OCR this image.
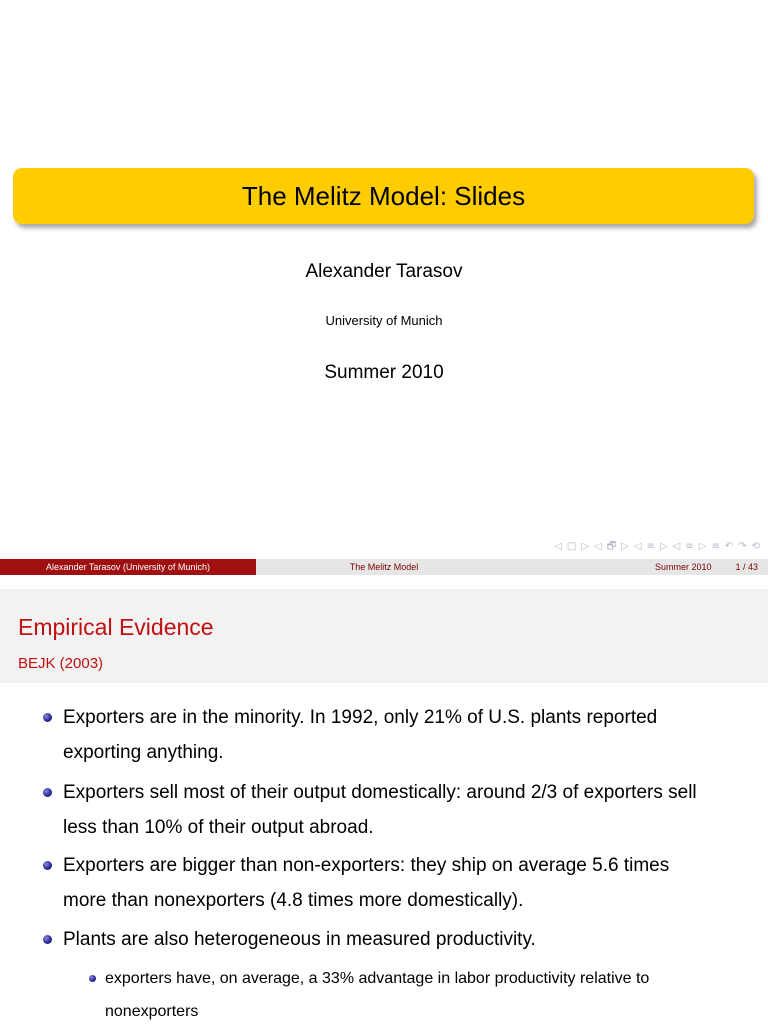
The Melitz Model: Slides
Alexander Tarasov
University of Munich
Summer 2010
◁ □ ▷ ◁ 🗗 ▷ ◁ ≡ ▷ ◁ ≡ ▷ ≡ ↶ ↷ ⟲
Alexander Tarasov (University of Munich)	The Melitz Model	Summer 2010	1 / 43
Empirical Evidence
BEJK (2003)
Exporters are in the minority. In 1992, only 21% of U.S. plants reported
exporting anything.
Exporters sell most of their output domestically: around 2/3 of exporters sell
less than 10% of their output abroad.
Exporters are bigger than non-exporters: they ship on average 5.6 times
more than nonexporters (4.8 times more domestically).
Plants are also heterogeneous in measured productivity.
exporters have, on average, a 33% advantage in labor productivity relative to
nonexporters
